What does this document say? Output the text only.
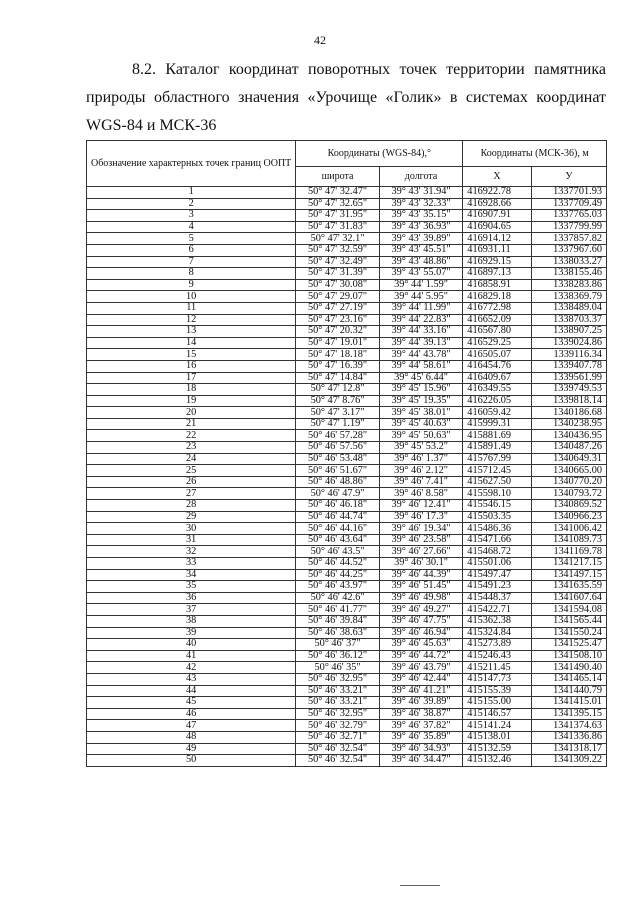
42
8.2. Каталог координат поворотных точек территории памятника
природы областного значения «Урочище «Голик» в системах координат
WGS-84 и МСК-36
Обозначение характерных точек границ ООПТ	Координаты (WGS-84),°		Координаты (МСК-36), м	
	широта	долгота	X	У
1	50° 47' 32.47"	39° 43' 31.94"	416922.78	1337701.93
2	50° 47' 32.65"	39° 43' 32.33"	416928.66	1337709.49
3	50° 47' 31.95"	39° 43' 35.15"	416907.91	1337765.03
4	50° 47' 31.83"	39° 43' 36.93"	416904.65	1337799.99
5	50° 47' 32.1"	39° 43' 39.89"	416914.12	1337857.82
6	50° 47' 32.59"	39° 43' 45.51"	416931.11	1337967.60
7	50° 47' 32.49"	39° 43' 48.86"	416929.15	1338033.27
8	50° 47' 31.39"	39° 43' 55.07"	416897.13	1338155.46
9	50° 47' 30.08"	39° 44' 1.59"	416858.91	1338283.86
10	50° 47' 29.07"	39° 44' 5.95"	416829.18	1338369.79
11	50° 47' 27.19"	39° 44' 11.99"	416772.98	1338489.04
12	50° 47' 23.16"	39° 44' 22.83"	416652.09	1338703.37
13	50° 47' 20.32"	39° 44' 33.16"	416567.80	1338907.25
14	50° 47' 19.01"	39° 44' 39.13"	416529.25	1339024.86
15	50° 47' 18.18"	39° 44' 43.78"	416505.07	1339116.34
16	50° 47' 16.39"	39° 44' 58.61"	416454.76	1339407.78
17	50° 47' 14.84"	39° 45' 6.44"	416409.67	1339561.99
18	50° 47' 12.8"	39° 45' 15.96"	416349.55	1339749.53
19	50° 47' 8.76"	39° 45' 19.35"	416226.05	1339818.14
20	50° 47' 3.17"	39° 45' 38.01"	416059.42	1340186.68
21	50° 47' 1.19"	39° 45' 40.63"	415999.31	1340238.95
22	50° 46' 57.28"	39° 45' 50.63"	415881.69	1340436.95
23	50° 46' 57.56"	39° 45' 53.2"	415891.49	1340487.26
24	50° 46' 53.48"	39° 46' 1.37"	415767.99	1340649.31
25	50° 46' 51.67"	39° 46' 2.12"	415712.45	1340665.00
26	50° 46' 48.86"	39° 46' 7.41"	415627.50	1340770.20
27	50° 46' 47.9"	39° 46' 8.58"	415598.10	1340793.72
28	50° 46' 46.18"	39° 46' 12.41"	415546.15	1340869.52
29	50° 46' 44.74"	39° 46' 17.3"	415503.35	1340966.23
30	50° 46' 44.16"	39° 46' 19.34"	415486.36	1341006.42
31	50° 46' 43.64"	39° 46' 23.58"	415471.66	1341089.73
32	50° 46' 43.5"	39° 46' 27.66"	415468.72	1341169.78
33	50° 46' 44.52"	39° 46' 30.1"	415501.06	1341217.15
34	50° 46' 44.25"	39° 46' 44.39"	415497.47	1341497.15
35	50° 46' 43.97"	39° 46' 51.45"	415491.23	1341635.59
36	50° 46' 42.6"	39° 46' 49.98"	415448.37	1341607.64
37	50° 46' 41.77"	39° 46' 49.27"	415422.71	1341594.08
38	50° 46' 39.84"	39° 46' 47.75"	415362.38	1341565.44
39	50° 46' 38.63"	39° 46' 46.94"	415324.84	1341550.24
40	50° 46' 37"	39° 46' 45.63"	415273.89	1341525.47
41	50° 46' 36.12"	39° 46' 44.72"	415246.43	1341508.10
42	50° 46' 35"	39° 46' 43.79"	415211.45	1341490.40
43	50° 46' 32.95"	39° 46' 42.44"	415147.73	1341465.14
44	50° 46' 33.21"	39° 46' 41.21"	415155.39	1341440.79
45	50° 46' 33.21"	39° 46' 39.89"	415155.00	1341415.01
46	50° 46' 32.95"	39° 46' 38.87"	415146.57	1341395.15
47	50° 46' 32.79"	39° 46' 37.82"	415141.24	1341374.63
48	50° 46' 32.71"	39° 46' 35.89"	415138.01	1341336.86
49	50° 46' 32.54"	39° 46' 34.93"	415132.59	1341318.17
50	50° 46' 32.54"	39° 46' 34.47"	415132.46	1341309.22
